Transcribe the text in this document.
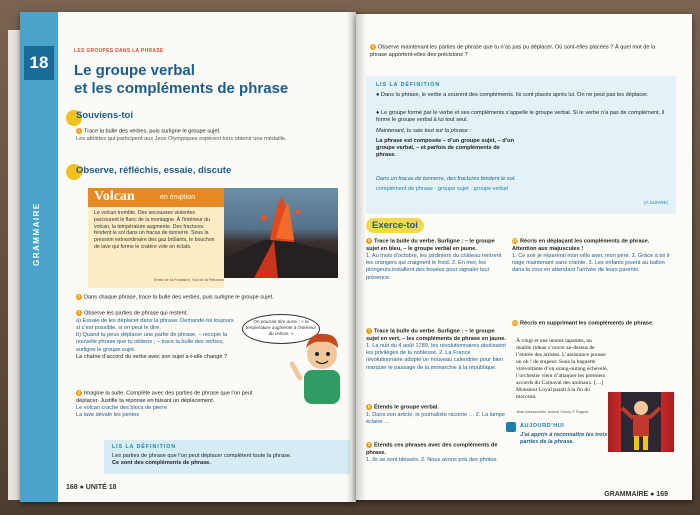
18
GRAMMAIRE
LES GROUPES DANS LA PHRASE
Le groupe verbal
et les compléments de phrase
Souviens-toi
1 Trace la bulle des verbes, puis surligne le groupe sujet.
Les athlètes qui participent aux Jeux Olympiques espèrent tous obtenir une médaille.
Observe, réfléchis, essaie, discute
Volcan	en éruption
Le volcan tremble. Des secousses violentes parcourent le flanc de la montagne. À l’intérieur du volcan, la température augmente. Des fractures fendent le sol dans un fracas de tonnerre. Sous la pression extraordinaire des gaz brûlants, le bouchon de lave qui ferme le cratère vole en éclats.
Ernst de la Fontaine, Sur de la Réunion
2 Dans chaque phrase, trace la bulle des verbes, puis surligne le groupe sujet.
3 Observe les parties de phrase qui restent.
a) Essaie de les déplacer dans la phrase. Demande-toi toujours si c’est possible, si on peut le dire.
b) Quand tu peux déplacer une partie de phrase, – recopie la nouvelle phrase que tu obtiens ; – trace la bulle des verbes, surligne le groupe sujet.
La chaîne d’accord du verbe avec son sujet a-t-elle changé ?
On pourrait dire aussi : « la température augmente à l’intérieur du volcan. »
4 Imagine la suite. Complète avec des parties de phrase que l’on peut déplacer. Justifie ta réponse en faisant un déplacement.
Le volcan crache des blocs de pierre
La lave dévale les pentes
LIS LA DÉFINITION
Les parties de phrase que l’on peut déplacer complètent toute la phrase.
Ce sont des compléments de phrase.
168 ● UNITÉ 18
5 Observe maintenant les parties de phrase que tu n’as pas pu déplacer. Où sont-elles placées ? À quel mot de la phrase apportent-elles des précisions ?
LIS LA DÉFINITION
● Dans la phrase, le verbe a souvent des compléments. Ils sont placés après lui. On ne peut pas les déplacer.
● Le groupe formé par le verbe et ses compléments s’appelle le groupe verbal. Si le verbe n’a pas de complément, il forme le groupe verbal à lui tout seul.
Maintenant, tu sais tout sur la phrase :
La phrase est composée – d’un groupe sujet, – d’un groupe verbal, – et parfois de compléments de phrase.
Dans un fracas de tonnerre, des fractures fendent le sol.
complément de phrase · groupe sujet · groupe verbal
(À SUIVRE)
Exerce-toi
6 Trace la bulle du verbe. Surligne : – le groupe sujet en bleu, – le groupe verbal en jaune.
1. Au mois d’octobre, les jardiniers du château rentrent les orangers qui craignent le froid. 2. En mer, les plongeurs installent des bouées pour signaler leur présence.
7 Trace la bulle du verbe. Surligne : – le groupe sujet en vert, – les compléments de phrase en jaune.
1. La nuit du 4 août 1789, les révolutionnaires abolissent les privilèges de la noblesse. 2. La France révolutionnaire adopte un nouveau calendrier pour bien marquer le passage de la monarchie à la république.
8 Étends le groupe verbal.
1. Dans son article, le journaliste raconte … 2. La lampe éclaire …
9 Étends ces phrases avec des compléments de phrase.
1. Ils se sont blessés. 2. Nous avons pris des photos.
10 Récris en déplaçant les compléments de phrase. Attention aux majuscules !
1. Ce soir je réparerai mon vélo avec mon père. 2. Grâce à toi il nage maintenant sans crainte. 3. Les enfants jouent au ballon dans la cour en attendant l’arrivée de leurs parents.
11 Récris en supprimant les compléments de phrase.
À vingt et une heures tapantes, un double rideau s’ouvre au-dessus de l’entrée des artistes. L’assistance pousse un oh ! de stupeur. Sous la baguette virevoltante d’un orang-outang échevelé, l’orchestre vient d’attaquer les premiers accords du Carnaval des animaux. […] Monsieur Loyal paraît à la fin du morceau.
Jean Alessandrini, Animal Circus © Rageot
AUJOURD’HUI
J’ai appris à reconnaître les trois parties de la phrase.
GRAMMAIRE ● 169
